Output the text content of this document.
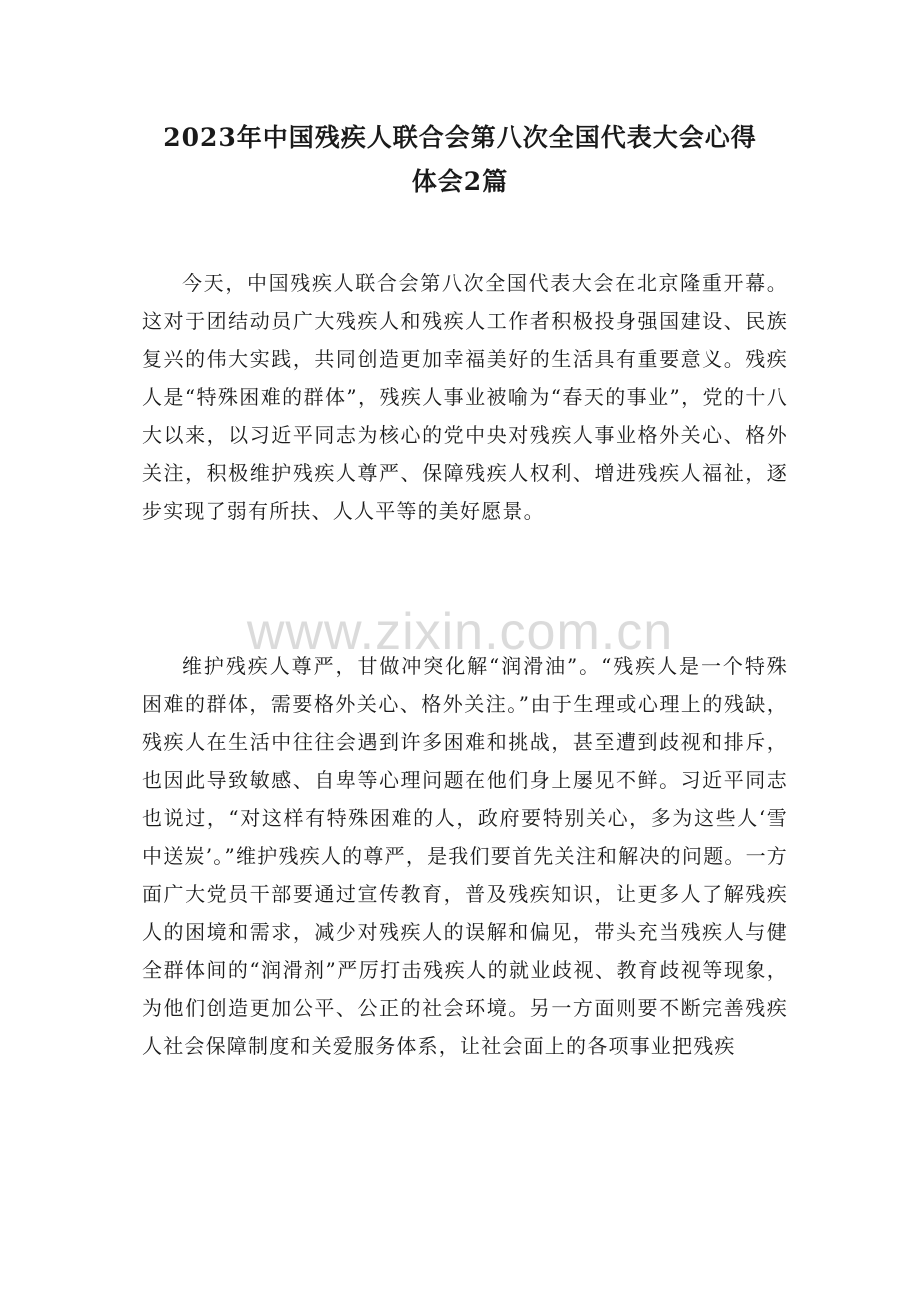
2023年中国残疾人联合会第八次全国代表大会心得
体会2篇

今天，中国残疾人联合会第八次全国代表大会在北京隆重开幕。这对于团结动员广大残疾人和残疾人工作者积极投身强国建设、民族复兴的伟大实践，共同创造更加幸福美好的生活具有重要意义。残疾人是“特殊困难的群体”，残疾人事业被喻为“春天的事业”，党的十八大以来，以习近平同志为核心的党中央对残疾人事业格外关心、格外关注，积极维护残疾人尊严、保障残疾人权利、增进残疾人福祉，逐步实现了弱有所扶、人人平等的美好愿景。

www.zixin.com.cn

维护残疾人尊严，甘做冲突化解“润滑油”。“残疾人是一个特殊困难的群体，需要格外关心、格外关注。”由于生理或心理上的残缺，残疾人在生活中往往会遇到许多困难和挑战，甚至遭到歧视和排斥，也因此导致敏感、自卑等心理问题在他们身上屡见不鲜。习近平同志也说过，“对这样有特殊困难的人，政府要特别关心，多为这些人‘雪中送炭’。”维护残疾人的尊严，是我们要首先关注和解决的问题。一方面广大党员干部要通过宣传教育，普及残疾知识，让更多人了解残疾人的困境和需求，减少对残疾人的误解和偏见，带头充当残疾人与健全群体间的“润滑剂”严厉打击残疾人的就业歧视、教育歧视等现象，为他们创造更加公平、公正的社会环境。另一方面则要不断完善残疾人社会保障制度和关爱服务体系，让社会面上的各项事业把残疾
